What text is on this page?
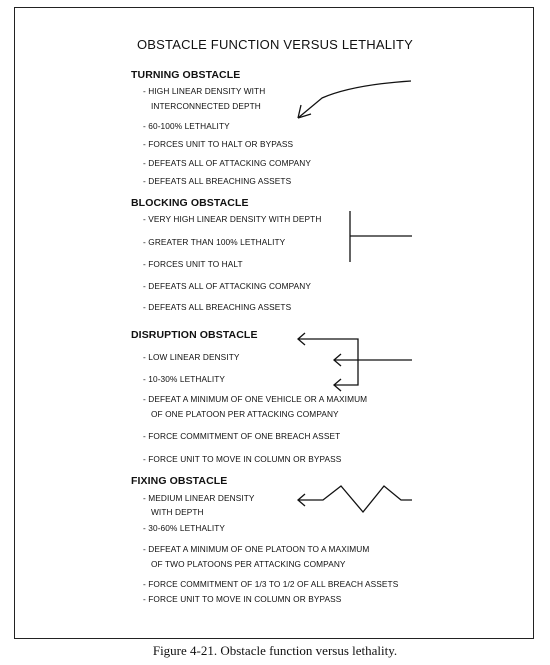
OBSTACLE FUNCTION VERSUS LETHALITY
TURNING OBSTACLE
- HIGH LINEAR DENSITY WITH
INTERCONNECTED DEPTH
- 60-100% LETHALITY
- FORCES UNIT TO HALT OR BYPASS
- DEFEATS ALL OF ATTACKING COMPANY
- DEFEATS ALL BREACHING ASSETS
BLOCKING OBSTACLE
- VERY HIGH LINEAR DENSITY WITH DEPTH
- GREATER THAN 100% LETHALITY
- FORCES UNIT TO HALT
- DEFEATS ALL OF ATTACKING COMPANY
- DEFEATS ALL BREACHING ASSETS
DISRUPTION OBSTACLE
- LOW LINEAR DENSITY
- 10-30% LETHALITY
- DEFEAT A MINIMUM OF ONE VEHICLE OR A MAXIMUM
OF ONE PLATOON PER ATTACKING COMPANY
- FORCE COMMITMENT OF ONE BREACH ASSET
- FORCE UNIT TO MOVE IN COLUMN OR BYPASS
FIXING OBSTACLE
- MEDIUM LINEAR DENSITY
WITH DEPTH
- 30-60% LETHALITY
- DEFEAT A MINIMUM OF ONE PLATOON TO A MAXIMUM
OF TWO PLATOONS PER ATTACKING COMPANY
- FORCE COMMITMENT OF 1/3 TO 1/2 OF ALL BREACH ASSETS
- FORCE UNIT TO MOVE IN COLUMN OR BYPASS
Figure 4-21. Obstacle function versus lethality.
